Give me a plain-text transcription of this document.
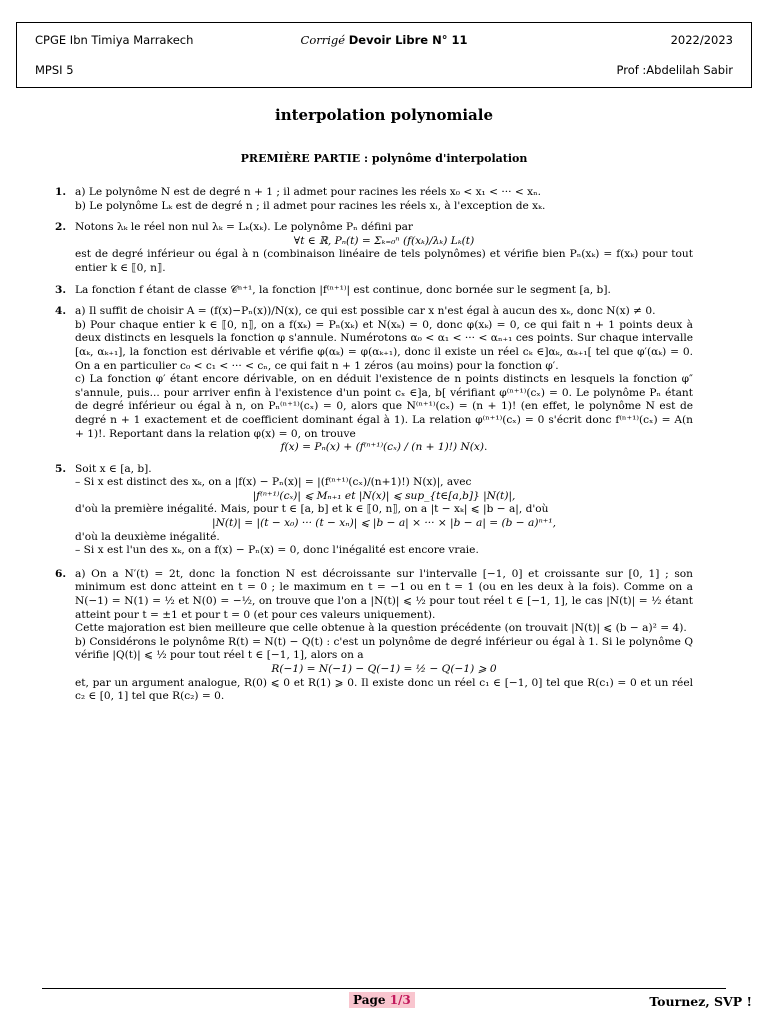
CPGE Ibn Timiya Marrakech	2022/2023
Corrigé Devoir Libre N° 11
MPSI 5	Prof :Abdelilah Sabir
interpolation polynomiale
PREMIÈRE PARTIE : polynôme d'interpolation
1. a) Le polynôme N est de degré n + 1 ; il admet pour racines les réels x₀ < x₁ < ··· < xₙ.

b) Le polynôme Lₖ est de degré n ; il admet pour racines les réels xᵢ, à l'exception de xₖ.

2. Notons λₖ le réel non nul λₖ = Lₖ(xₖ). Le polynôme Pₙ défini par

∀t ∈ ℝ, Pₙ(t) = Σₖ₌₀ⁿ (f(xₖ)/λₖ) Lₖ(t)

est de degré inférieur ou égal à n (combinaison linéaire de tels polynômes) et vérifie bien Pₙ(xₖ) = f(xₖ) pour tout entier k ∈ ⟦0, n⟧.

3. La fonction f étant de classe 𝒞ⁿ⁺¹, la fonction |f⁽ⁿ⁺¹⁾| est continue, donc bornée sur le segment [a, b].

4. a) Il suffit de choisir A = (f(x)−Pₙ(x))/N(x), ce qui est possible car x n'est égal à aucun des xₖ, donc N(x) ≠ 0.

b) Pour chaque entier k ∈ ⟦0, n⟧, on a f(xₖ) = Pₙ(xₖ) et N(xₖ) = 0, donc φ(xₖ) = 0, ce qui fait n + 1 points deux à deux distincts en lesquels la fonction φ s'annule. Numérotons α₀ < α₁ < ··· < αₙ₊₁ ces points. Sur chaque intervalle [αₖ, αₖ₊₁], la fonction est dérivable et vérifie φ(αₖ) = φ(αₖ₊₁), donc il existe un réel cₖ ∈]αₖ, αₖ₊₁[ tel que φ′(αₖ) = 0. On a en particulier c₀ < c₁ < ··· < cₙ, ce qui fait n + 1 zéros (au moins) pour la fonction φ′.

c) La fonction φ′ étant encore dérivable, on en déduit l'existence de n points distincts en lesquels la fonction φ″ s'annule, puis... pour arriver enfin à l'existence d'un point cₓ ∈]a, b[ vérifiant φ⁽ⁿ⁺¹⁾(cₓ) = 0. Le polynôme Pₙ étant de degré inférieur ou égal à n, on Pₙ⁽ⁿ⁺¹⁾(cₓ) = 0, alors que N⁽ⁿ⁺¹⁾(cₓ) = (n + 1)! (en effet, le polynôme N est de degré n + 1 exactement et de coefficient dominant égal à 1). La relation φ⁽ⁿ⁺¹⁾(cₓ) = 0 s'écrit donc f⁽ⁿ⁺¹⁾(cₓ) = A(n + 1)!. Reportant dans la relation φ(x) = 0, on trouve

f(x) = Pₙ(x) + (f⁽ⁿ⁺¹⁾(cₓ) / (n + 1)!) N(x).

5. Soit x ∈ [a, b].

– Si x est distinct des xₖ, on a |f(x) − Pₙ(x)| = |(f⁽ⁿ⁺¹⁾(cₓ)/(n+1)!) N(x)|, avec

|f⁽ⁿ⁺¹⁾(cₓ)| ⩽ Mₙ₊₁ et |N(x)| ⩽ sup_{t∈[a,b]} |N(t)|,

d'où la première inégalité. Mais, pour t ∈ [a, b] et k ∈ ⟦0, n⟧, on a |t − xₖ| ⩽ |b − a|, d'où

|N(t)| = |(t − x₀) ··· (t − xₙ)| ⩽ |b − a| × ··· × |b − a| = (b − a)ⁿ⁺¹,

d'où la deuxième inégalité.

– Si x est l'un des xₖ, on a f(x) − Pₙ(x) = 0, donc l'inégalité est encore vraie.

6. a) On a N′(t) = 2t, donc la fonction N est décroissante sur l'intervalle [−1, 0] et croissante sur [0, 1] ; son minimum est donc atteint en t = 0 ; le maximum en t = −1 ou en t = 1 (ou en les deux à la fois). Comme on a N(−1) = N(1) = ½ et N(0) = −½, on trouve que l'on a |N(t)| ⩽ ½ pour tout réel t ∈ [−1, 1], le cas |N(t)| = ½ étant atteint pour t = ±1 et pour t = 0 (et pour ces valeurs uniquement).

Cette majoration est bien meilleure que celle obtenue à la question précédente (on trouvait |N(t)| ⩽ (b − a)² = 4).

b) Considérons le polynôme R(t) = N(t) − Q(t) : c'est un polynôme de degré inférieur ou égal à 1. Si le polynôme Q vérifie |Q(t)| ⩽ ½ pour tout réel t ∈ [−1, 1], alors on a

R(−1) = N(−1) − Q(−1) = ½ − Q(−1) ⩾ 0

et, par un argument analogue, R(0) ⩽ 0 et R(1) ⩾ 0. Il existe donc un réel c₁ ∈ [−1, 0] tel que R(c₁) = 0 et un réel c₂ ∈ [0, 1] tel que R(c₂) = 0.

Page 1/3	Tournez, SVP !
